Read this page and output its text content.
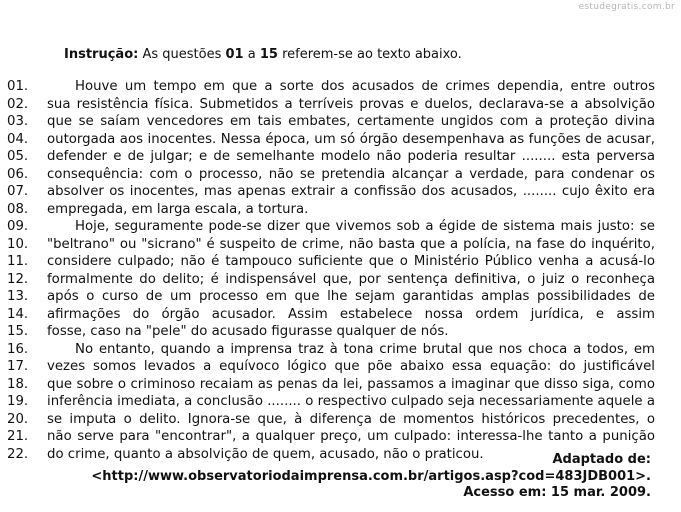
estudegratis.com.br
Instrução: As questões 01 a 15 referem-se ao texto abaixo.
01.	Houve um tempo em que a sorte dos acusados de crimes dependia, entre outros
02. sua resistência física. Submetidos a terríveis provas e duelos, declarava-se a absolvição
03. que se saíam vencedores em tais embates, certamente ungidos com a proteção divina
04. outorgada aos inocentes. Nessa época, um só órgão desempenhava as funções de acusar,
05. defender e de julgar; e de semelhante modelo não poderia resultar ........ esta perversa
06. consequência: com o processo, não se pretendia alcançar a verdade, para condenar os
07. absolver os inocentes, mas apenas extrair a confissão dos acusados, ........ cujo êxito era
08. empregada, em larga escala, a tortura.
09.	Hoje, seguramente pode-se dizer que vivemos sob a égide de sistema mais justo: se
10. "beltrano" ou "sicrano" é suspeito de crime, não basta que a polícia, na fase do inquérito,
11. considere culpado; não é tampouco suficiente que o Ministério Público venha a acusá-lo
12. formalmente do delito; é indispensável que, por sentença definitiva, o juiz o reconheça
13. após o curso de um processo em que lhe sejam garantidas amplas possibilidades de
14. afirmações do órgão acusador. Assim estabelece nossa ordem jurídica, e assim
15. fosse, caso na "pele" do acusado figurasse qualquer de nós.
16.	No entanto, quando a imprensa traz à tona crime brutal que nos choca a todos, em
17. vezes somos levados a equívoco lógico que põe abaixo essa equação: do justificável
18. que sobre o criminoso recaiam as penas da lei, passamos a imaginar que disso siga, como
19. inferência imediata, a conclusão ........ o respectivo culpado seja necessariamente aquele a
20. se imputa o delito. Ignora-se que, à diferença de momentos históricos precedentes, o
21. não serve para "encontrar", a qualquer preço, um culpado: interessa-lhe tanto a punição
22. do crime, quanto a absolvição de quem, acusado, não o praticou.	Adaptado de:
<http://www.observatoriodaimprensa.com.br/artigos.asp?cod=483JDB001>.
Acesso em: 15 mar. 2009.
